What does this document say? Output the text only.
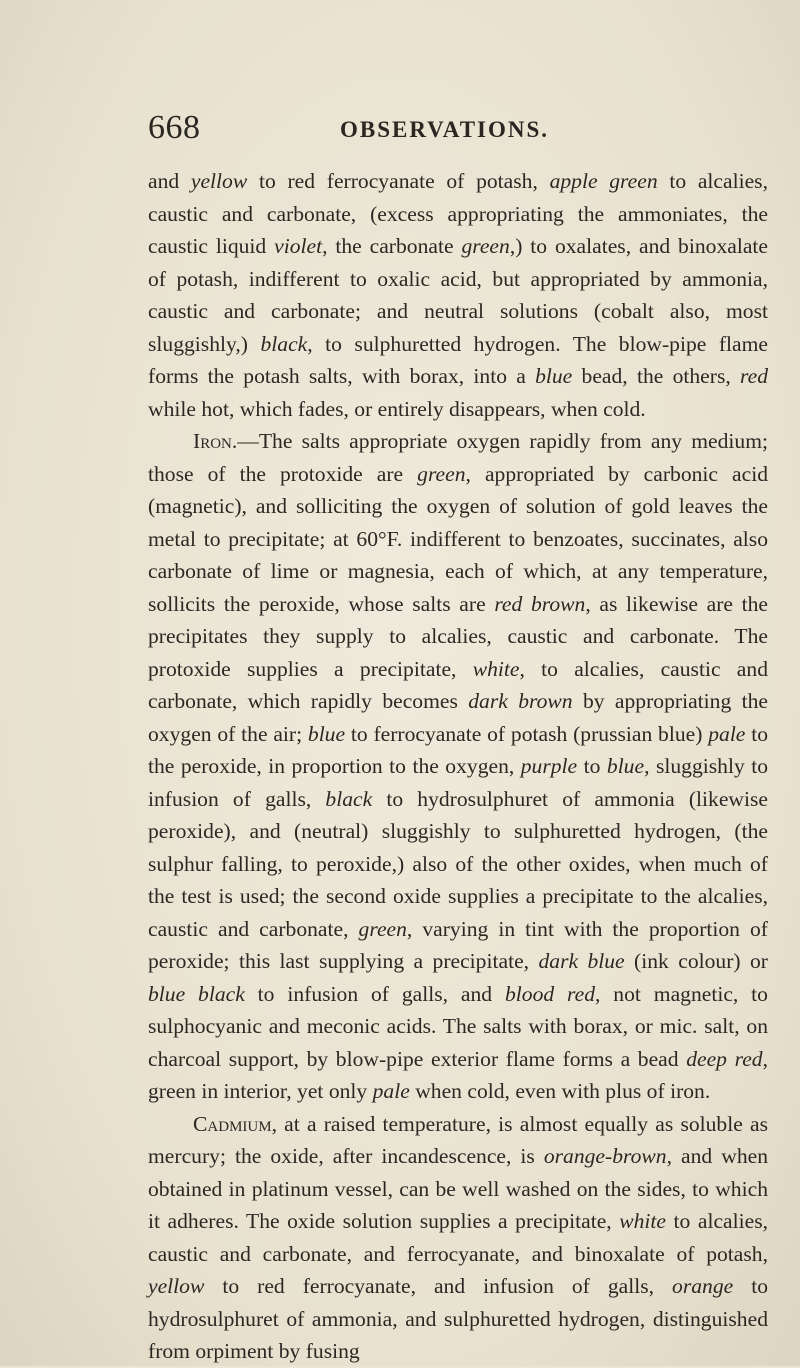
668	OBSERVATIONS.

and yellow to red ferrocyanate of potash, apple green to alcalies, caustic and carbonate, (excess appropriating the ammoniates, the caustic liquid violet, the carbonate green,) to oxalates, and binoxalate of potash, indifferent to oxalic acid, but appropriated by ammonia, caustic and carbonate; and neutral solutions (cobalt also, most sluggishly,) black, to sulphuretted hydrogen. The blow-pipe flame forms the potash salts, with borax, into a blue bead, the others, red while hot, which fades, or entirely disappears, when cold.

Iron.—The salts appropriate oxygen rapidly from any medium; those of the protoxide are green, appropriated by carbonic acid (magnetic), and solliciting the oxygen of solution of gold leaves the metal to precipitate; at 60°F. indifferent to benzoates, succinates, also carbonate of lime or magnesia, each of which, at any temperature, sollicits the peroxide, whose salts are red brown, as likewise are the precipitates they supply to alcalies, caustic and carbonate. The protoxide supplies a precipitate, white, to alcalies, caustic and carbonate, which rapidly becomes dark brown by appropriating the oxygen of the air; blue to ferrocyanate of potash (prussian blue) pale to the peroxide, in proportion to the oxygen, purple to blue, sluggishly to infusion of galls, black to hydrosulphuret of ammonia (likewise peroxide), and (neutral) sluggishly to sulphuretted hydrogen, (the sulphur falling, to peroxide,) also of the other oxides, when much of the test is used; the second oxide supplies a precipitate to the alcalies, caustic and carbonate, green, varying in tint with the proportion of peroxide; this last supplying a precipitate, dark blue (ink colour) or blue black to infusion of galls, and blood red, not magnetic, to sulphocyanic and meconic acids. The salts with borax, or mic. salt, on charcoal support, by blow-pipe exterior flame forms a bead deep red, green in interior, yet only pale when cold, even with plus of iron.

Cadmium, at a raised temperature, is almost equally as soluble as mercury; the oxide, after incandescence, is orange-brown, and when obtained in platinum vessel, can be well washed on the sides, to which it adheres. The oxide solution supplies a precipitate, white to alcalies, caustic and carbonate, and ferrocyanate, and binoxalate of potash, yellow to red ferrocyanate, and infusion of galls, orange to hydrosulphuret of ammonia, and sulphuretted hydrogen, distinguished from orpiment by fusing
